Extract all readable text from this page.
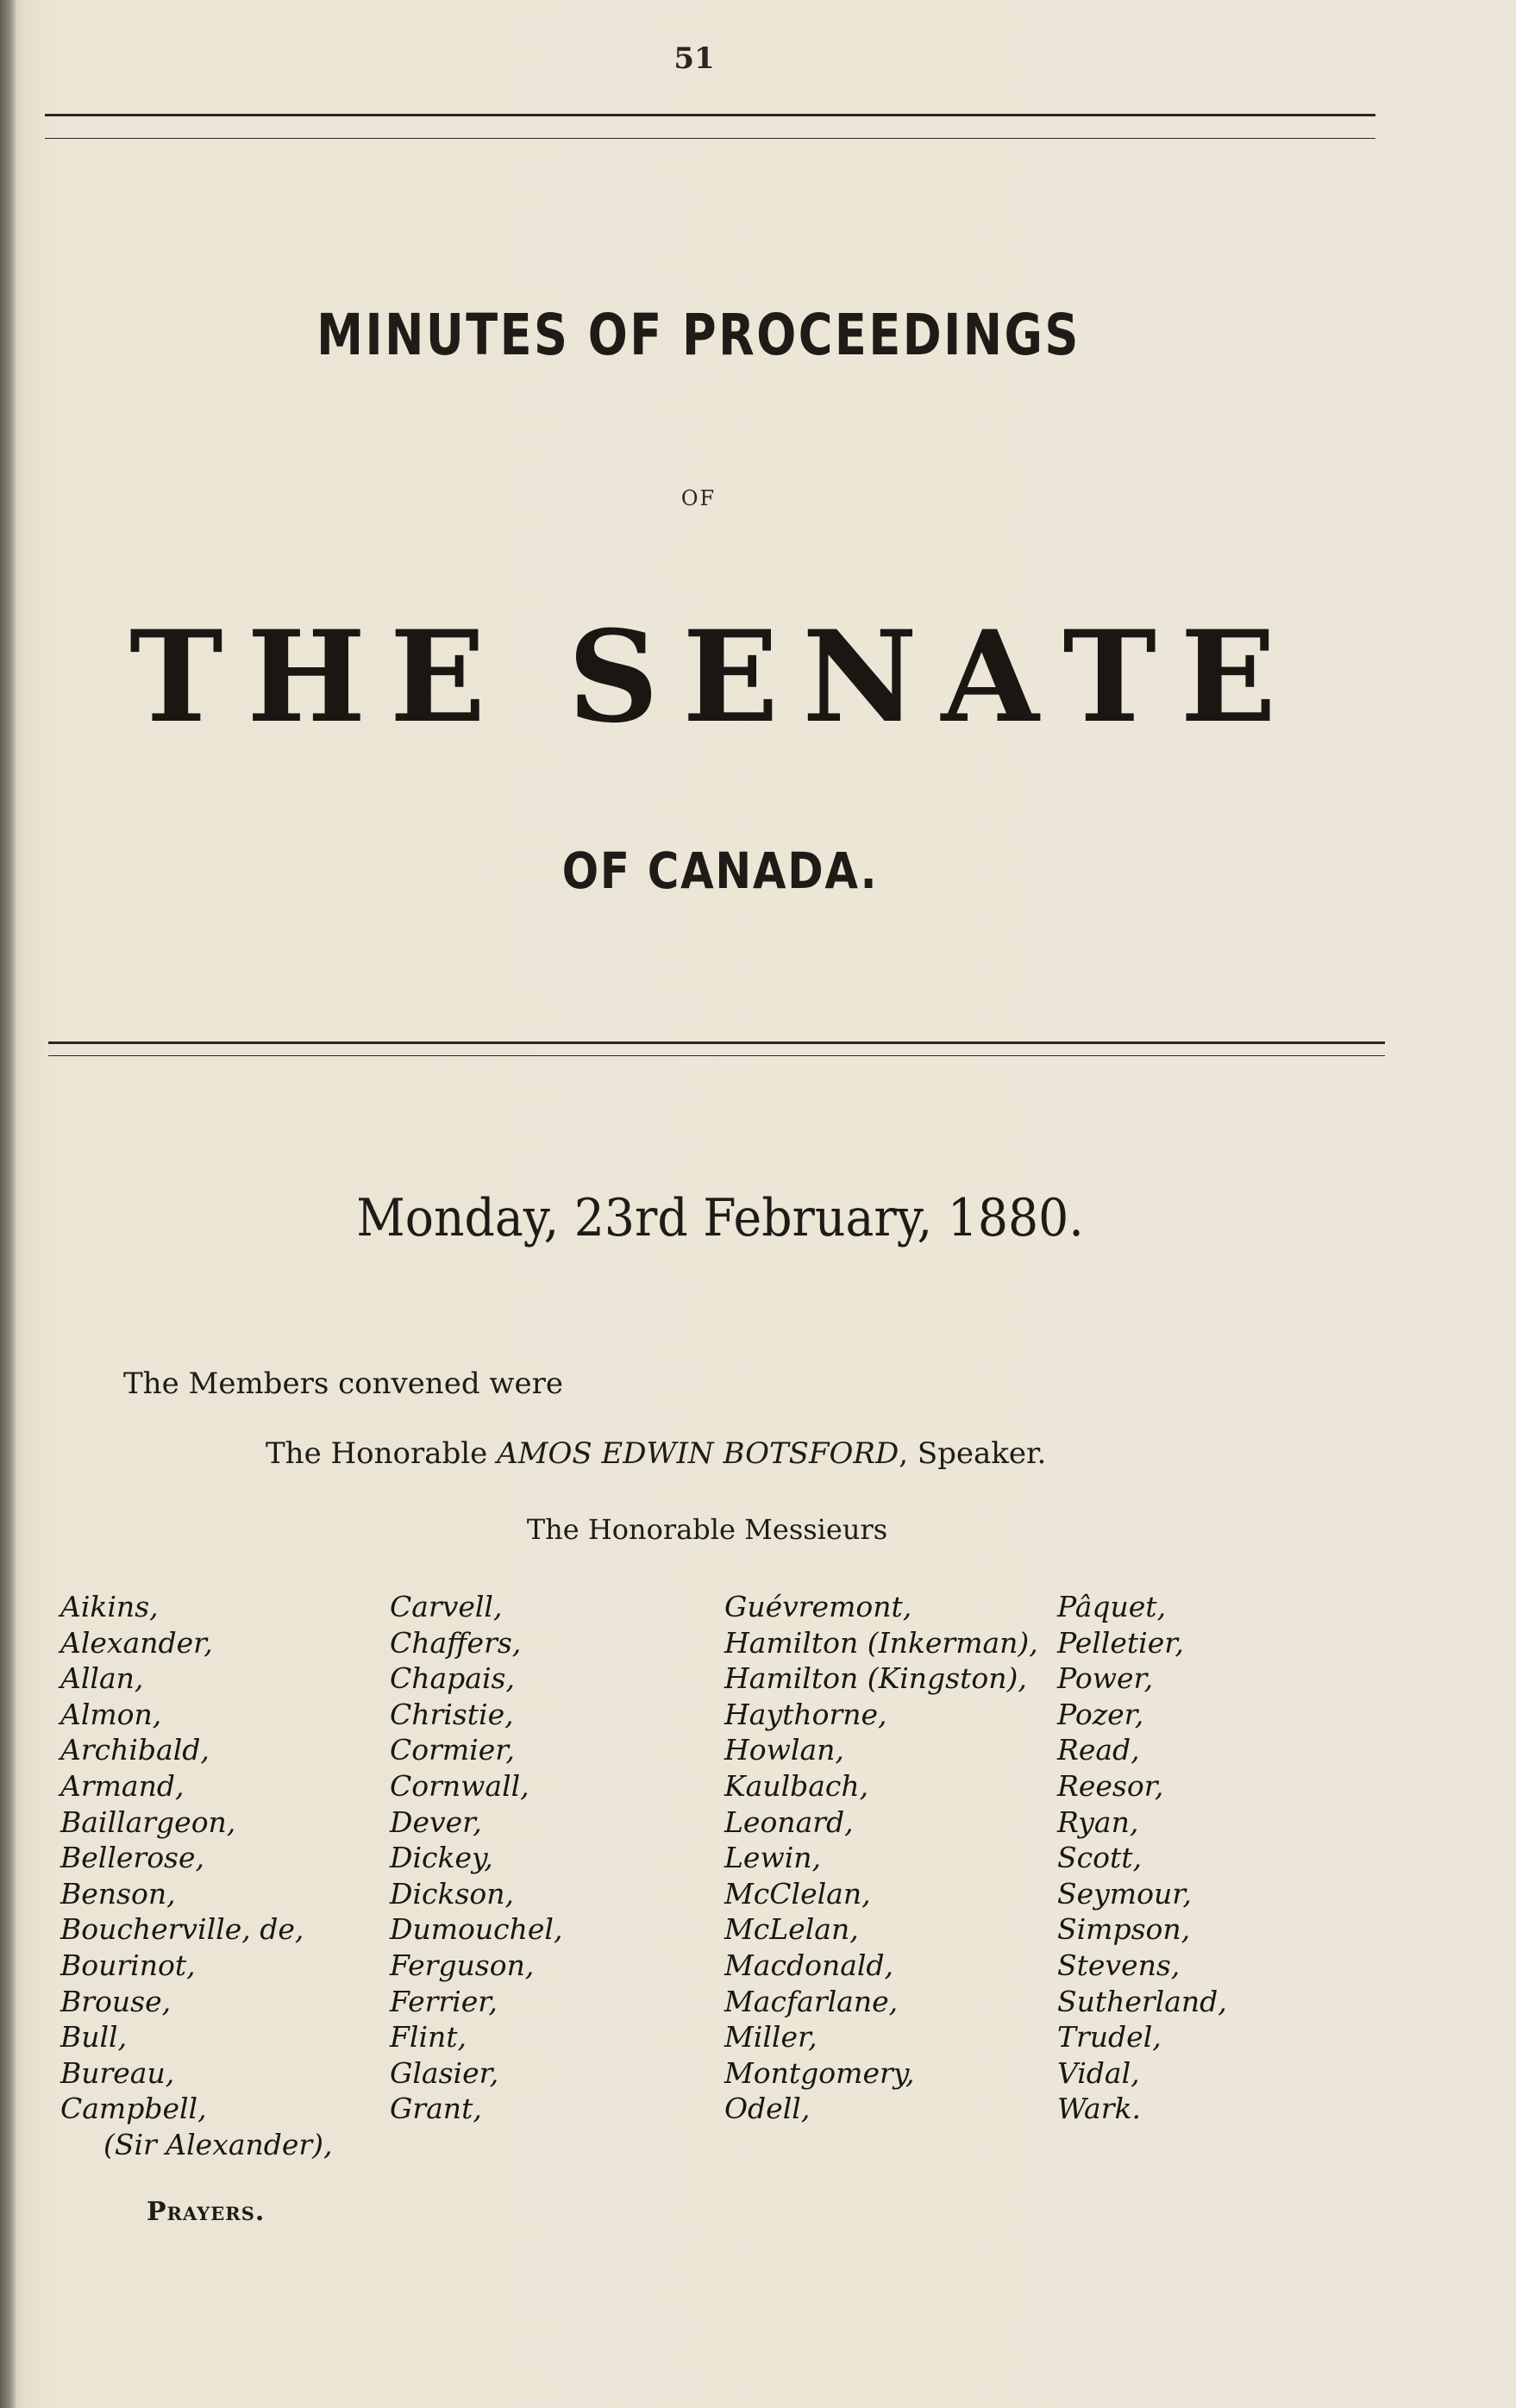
51
MINUTES OF PROCEEDINGS
OF
T H E S E N A T E
OF CANADA.
Monday, 23rd February, 1880.
The Members convened were
The Honorable AMOS EDWIN BOTSFORD, Speaker.
The Honorable Messieurs
Aikins,
Alexander,
Allan,
Almon,
Archibald,
Armand,
Baillargeon,
Bellerose,
Benson,
Boucherville, de,
Bourinot,
Brouse,
Bull,
Bureau,
Campbell,
(Sir Alexander),
Carvell,
Chaffers,
Chapais,
Christie,
Cormier,
Cornwall,
Dever,
Dickey,
Dickson,
Dumouchel,
Ferguson,
Ferrier,
Flint,
Glasier,
Grant,
Guévremont,
Hamilton (Inkerman),
Hamilton (Kingston),
Haythorne,
Howlan,
Kaulbach,
Leonard,
Lewin,
McClelan,
McLelan,
Macdonald,
Macfarlane,
Miller,
Montgomery,
Odell,
Pâquet,
Pelletier,
Power,
Pozer,
Read,
Reesor,
Ryan,
Scott,
Seymour,
Simpson,
Stevens,
Sutherland,
Trudel,
Vidal,
Wark.
Prayers.
